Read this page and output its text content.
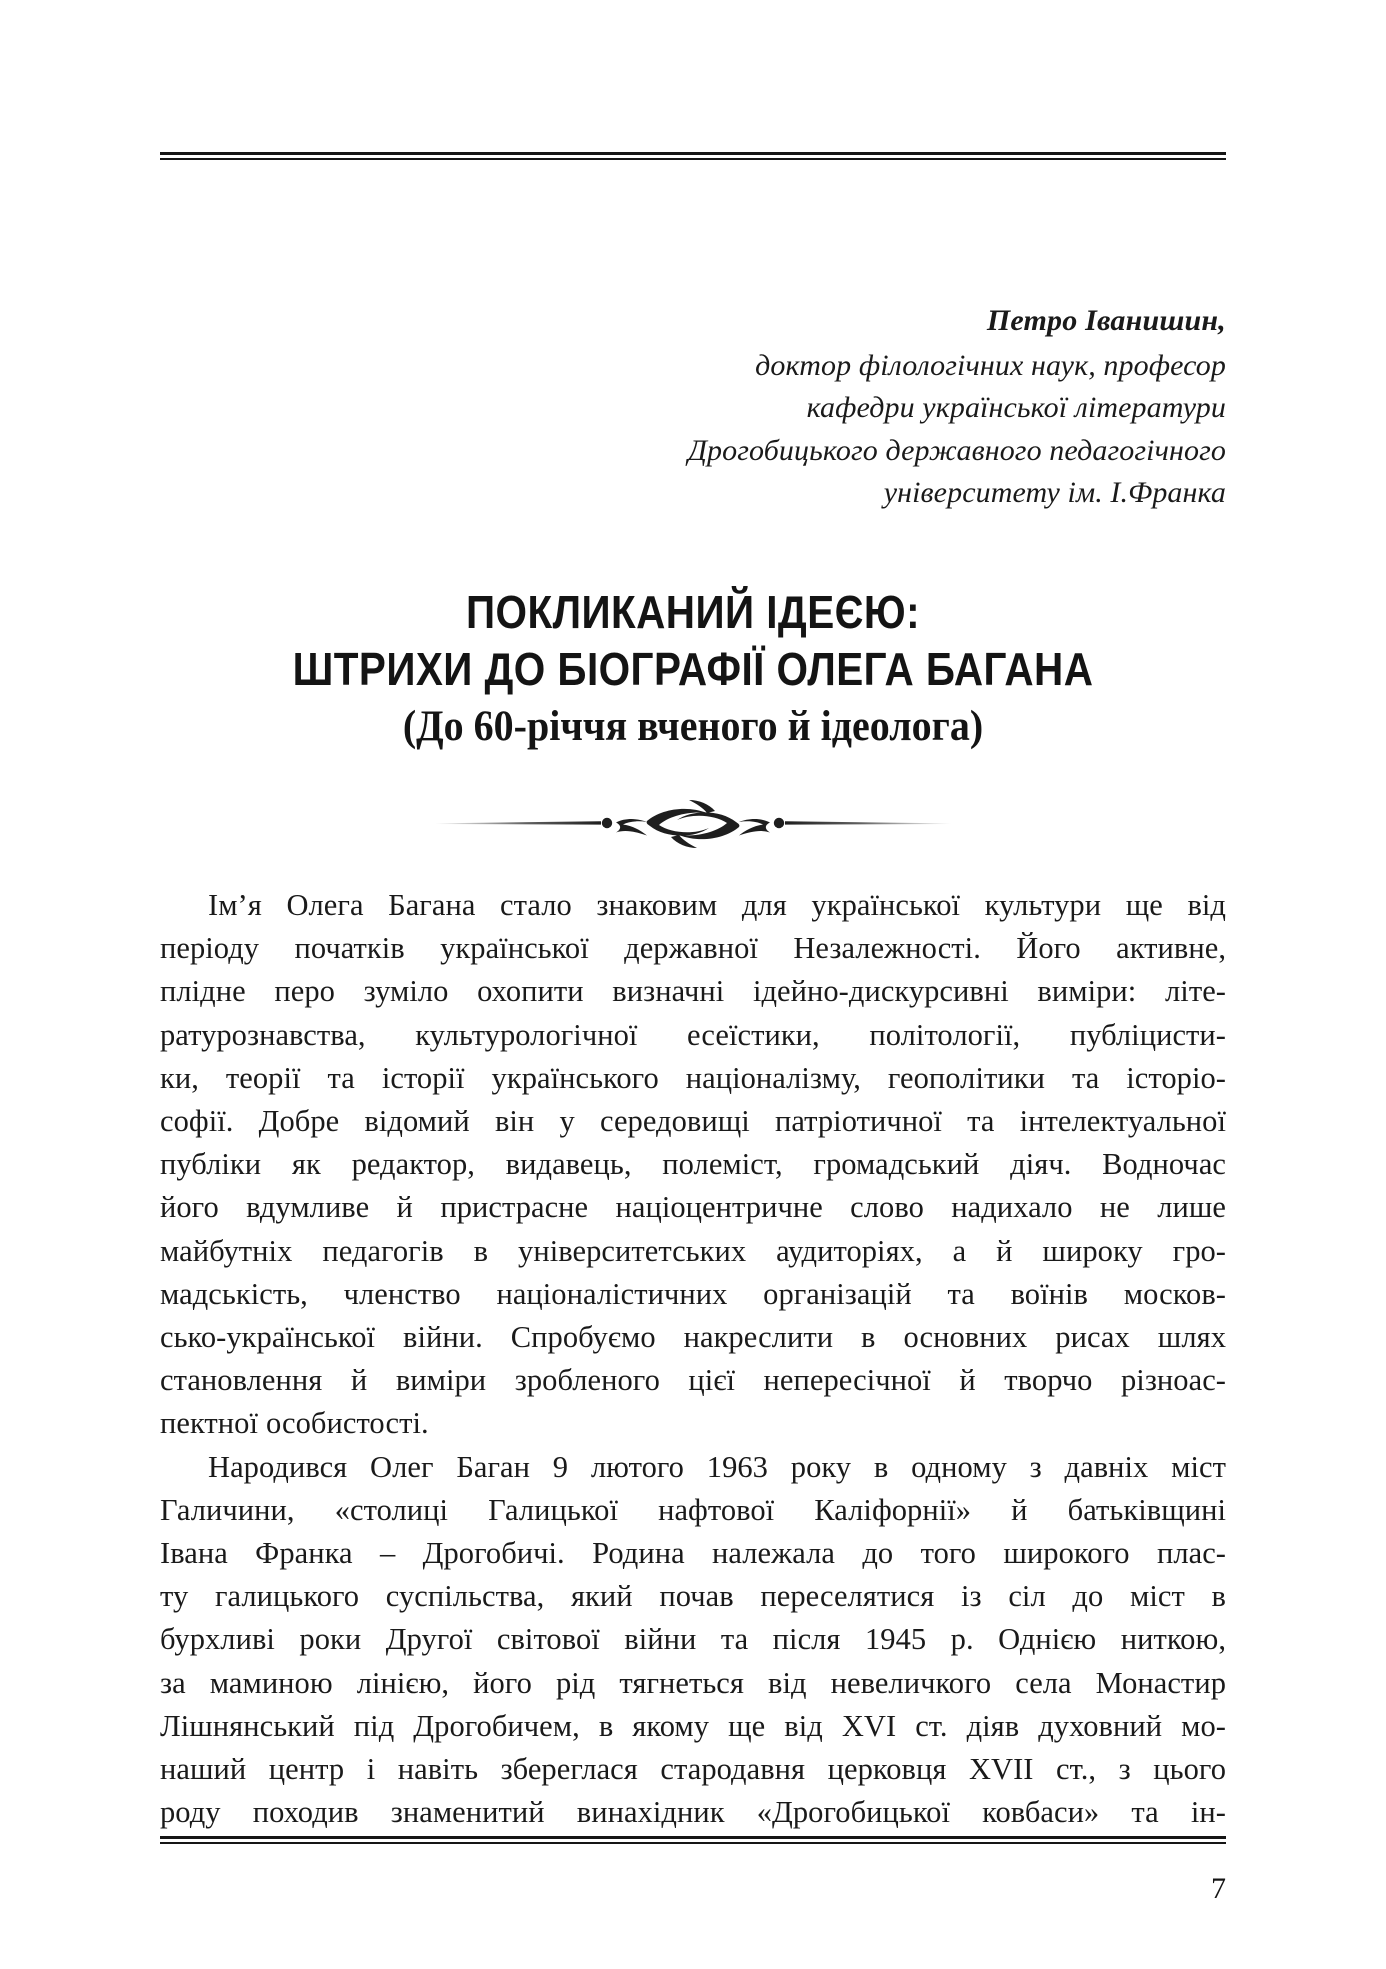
Петро Іванишин,
доктор філологічних наук, професор
кафедри української літератури
Дрогобицького державного педагогічного
університету ім. І.Франка
ПОКЛИКАНИЙ ІДЕЄЮ:
ШТРИХИ ДО БІОГРАФІЇ ОЛЕГА БАГАНА
(До 60-річчя вченого й ідеолога)

Ім’я Олега Багана стало знаковим для української культури ще від
періоду початків української державної Незалежності. Його активне,
плідне перо зуміло охопити визначні ідейно-дискурсивні виміри: літе-
ратурознавства, культурологічної есеїстики, політології, публіцисти-
ки, теорії та історії українського націоналізму, геополітики та історіо-
софії. Добре відомий він у середовищі патріотичної та інтелектуальної
публіки як редактор, видавець, полеміст, громадський діяч. Водночас
його вдумливе й пристрасне націоцентричне слово надихало не лише
майбутніх педагогів в університетських аудиторіях, а й широку гро-
мадськість, членство націоналістичних організацій та воїнів москов-
сько-української війни. Спробуємо накреслити в основних рисах шлях
становлення й виміри зробленого цієї непересічної й творчо різноас-
пектної особистості.

Народився Олег Баган 9 лютого 1963 року в одному з давніх міст
Галичини, «столиці Галицької нафтової Каліфорнії» й батьківщині
Івана Франка – Дрогобичі. Родина належала до того широкого плас-
ту галицького суспільства, який почав переселятися із сіл до міст в
бурхливі роки Другої світової війни та після 1945 р. Однією ниткою,
за маминою лінією, його рід тягнеться від невеличкого села Монастир
Лішнянський під Дрогобичем, в якому ще від XVI ст. діяв духовний мо-
наший центр і навіть збереглася стародавня церковця XVII ст., з цього
роду походив знаменитий винахідник «Дрогобицької ковбаси» та ін-

7
